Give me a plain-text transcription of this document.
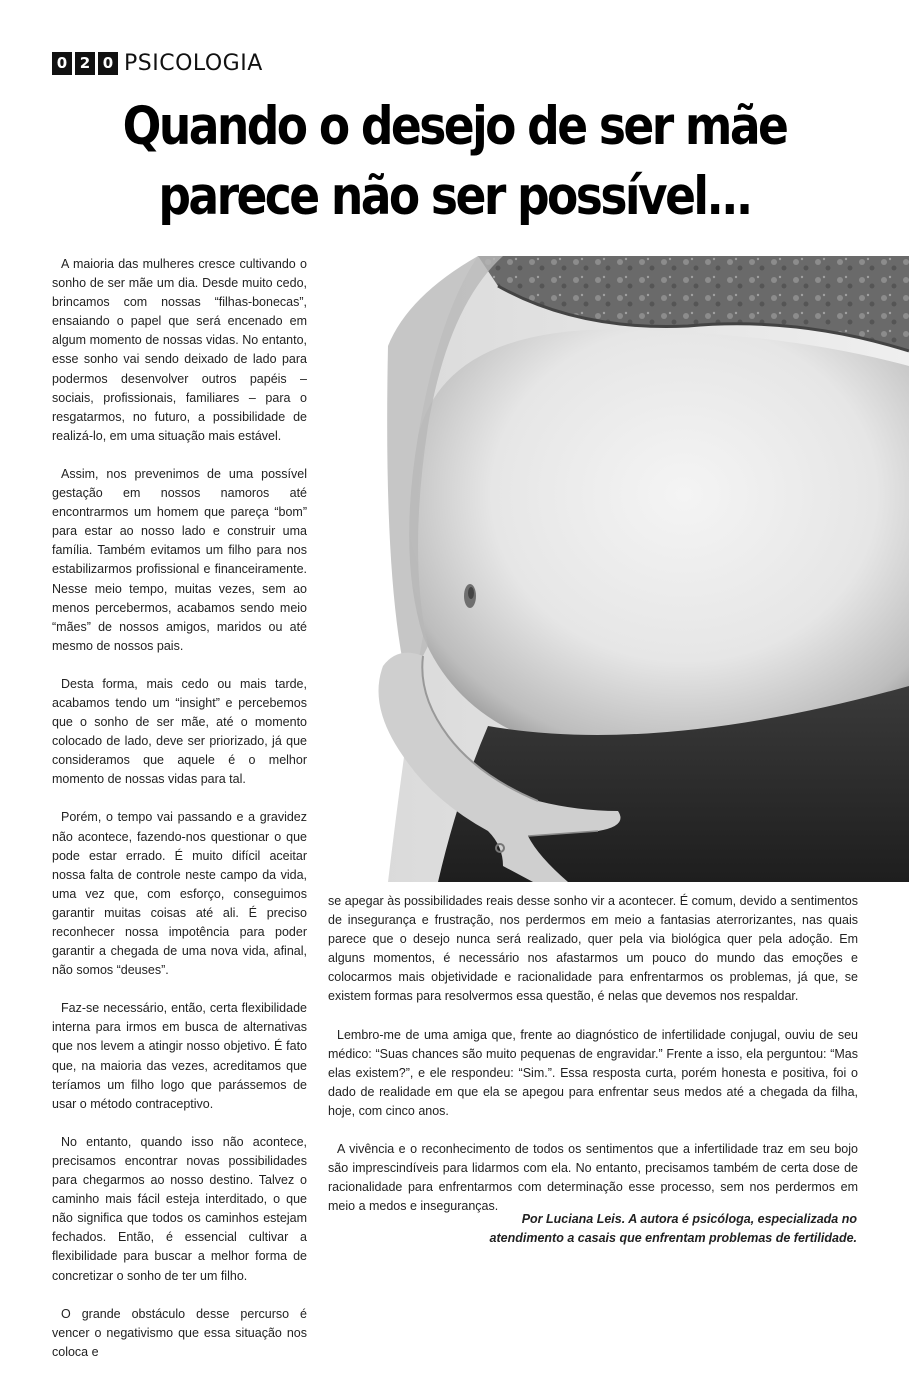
0 2 0 PSICOLOGIA
Quando o desejo de ser mãe
parece não ser possível...

A maioria das mulheres cresce cultivando o sonho de ser mãe um dia. Desde muito cedo, brincamos com nossas “filhas-bonecas”, ensaiando o papel que será encenado em algum momento de nossas vidas. No entanto, esse sonho vai sendo deixado de lado para podermos desenvolver outros papéis – sociais, profissionais, familiares – para o resgatarmos, no futuro, a possibilidade de realizá-lo, em uma situação mais estável.

Assim, nos prevenimos de uma possível gestação em nossos namoros até encontrarmos um homem que pareça “bom” para estar ao nosso lado e construir uma família. Também evitamos um filho para nos estabilizarmos profissional e financeiramente. Nesse meio tempo, muitas vezes, sem ao menos percebermos, acabamos sendo meio “mães” de nossos amigos, maridos ou até mesmo de nossos pais.

Desta forma, mais cedo ou mais tarde, acabamos tendo um “insight” e percebemos que o sonho de ser mãe, até o momento colocado de lado, deve ser priorizado, já que consideramos que aquele é o melhor momento de nossas vidas para tal.

Porém, o tempo vai passando e a gravidez não acontece, fazendo-nos questionar o que pode estar errado. É muito difícil aceitar nossa falta de controle neste campo da vida, uma vez que, com esforço, conseguimos garantir muitas coisas até ali. É preciso reconhecer nossa impotência para poder garantir a chegada de uma nova vida, afinal, não somos “deuses”.

Faz-se necessário, então, certa flexibilidade interna para irmos em busca de alternativas que nos levem a atingir nosso objetivo. É fato que, na maioria das vezes, acreditamos que teríamos um filho logo que parássemos de usar o método contraceptivo.

No entanto, quando isso não acontece, precisamos encontrar novas possibilidades para chegarmos ao nosso destino. Talvez o caminho mais fácil esteja interditado, o que não significa que todos os caminhos estejam fechados. Então, é essencial cultivar a flexibilidade para buscar a melhor forma de concretizar o sonho de ter um filho.

O grande obstáculo desse percurso é vencer o negativismo que essa situação nos coloca e

se apegar às possibilidades reais desse sonho vir a acontecer. É comum, devido a sentimentos de insegurança e frustração, nos perdermos em meio a fantasias aterrorizantes, nas quais parece que o desejo nunca será realizado, quer pela via biológica quer pela adoção. Em alguns momentos, é necessário nos afastarmos um pouco do mundo das emoções e colocarmos mais objetividade e racionalidade para enfrentarmos os problemas, já que, se existem formas para resolvermos essa questão, é nelas que devemos nos respaldar.

Lembro-me de uma amiga que, frente ao diagnóstico de infertilidade conjugal, ouviu de seu médico: “Suas chances são muito pequenas de engravidar.” Frente a isso, ela perguntou: “Mas elas existem?”, e ele respondeu: “Sim.”. Essa resposta curta, porém honesta e positiva, foi o dado de realidade em que ela se apegou para enfrentar seus medos até a chegada da filha, hoje, com cinco anos.

A vivência e o reconhecimento de todos os sentimentos que a infertilidade traz em seu bojo são imprescindíveis para lidarmos com ela. No entanto, precisamos também de certa dose de racionalidade para enfrentarmos com determinação esse processo, sem nos perdermos em meio a medos e inseguranças.

Por Luciana Leis. A autora é psicóloga, especializada no
atendimento a casais que enfrentam problemas de fertilidade.
